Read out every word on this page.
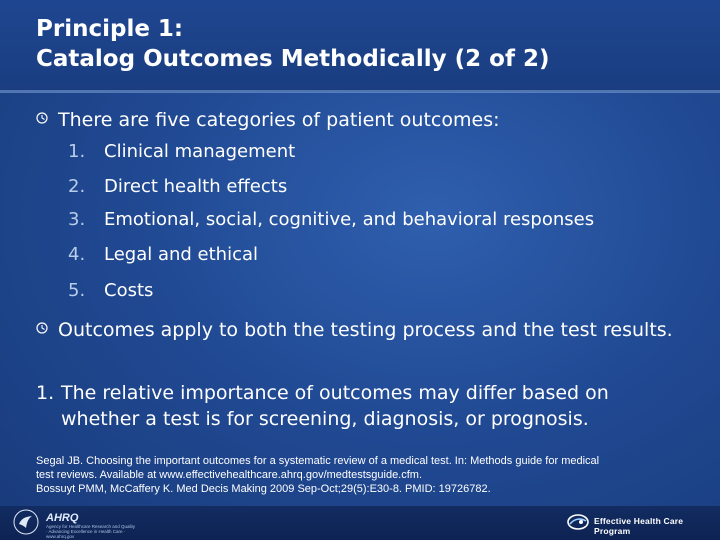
Principle 1:
Catalog Outcomes Methodically (2 of 2)
There are five categories of patient outcomes:
1.	Clinical management
2.	Direct health effects
3.	Emotional, social, cognitive, and behavioral responses
4.	Legal and ethical
5.	Costs
Outcomes apply to both the testing process and the test results.
1. The relative importance of outcomes may differ based on whether a test is for screening, diagnosis, or prognosis.
Segal JB. Choosing the important outcomes for a systematic review of a medical test. In: Methods guide for medical
test reviews. Available at www.effectivehealthcare.ahrq.gov/medtestsguide.cfm.
Bossuyt PMM, McCaffery K. Med Decis Making 2009 Sep-Oct;29(5):E30-8. PMID: 19726782.
AHRQ
Agency for Healthcare Research and Quality · Advancing Excellence in Health Care · www.ahrq.gov
Effective Health Care Program
